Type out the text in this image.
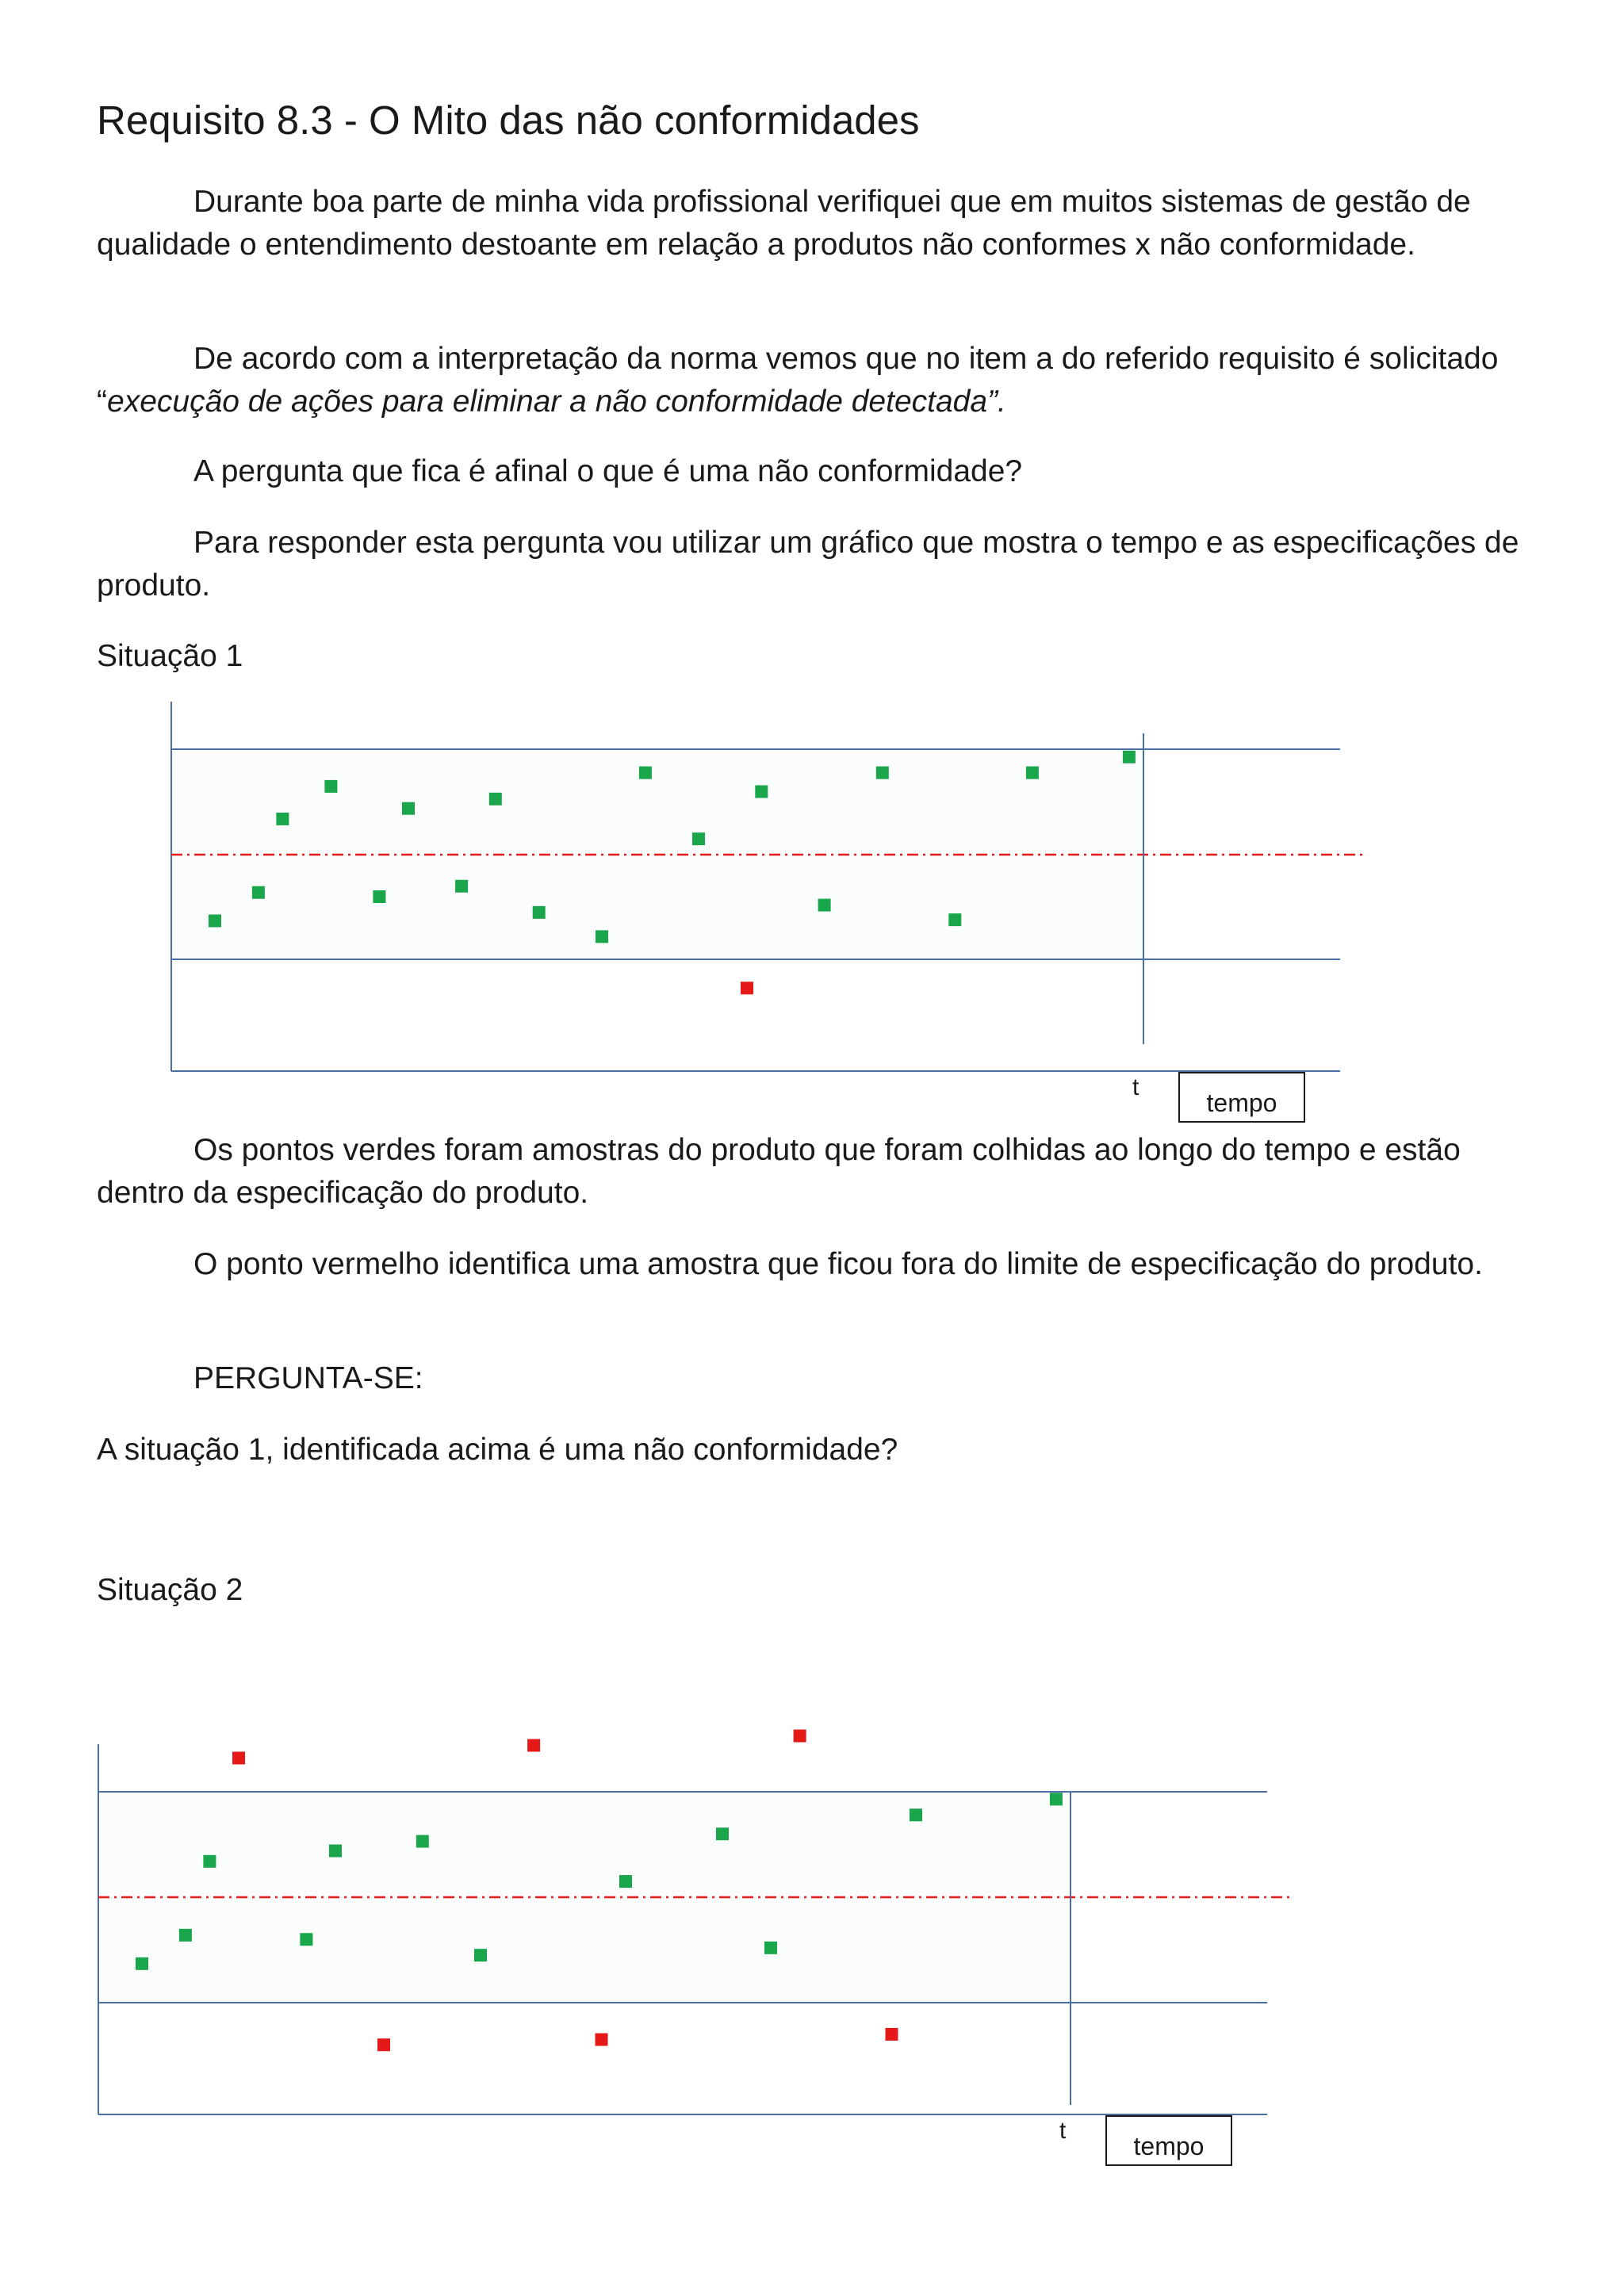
Requisito 8.3 - O Mito das não conformidades

Durante boa parte de minha vida profissional verifiquei que em muitos sistemas de gestão de qualidade o entendimento destoante em relação a produtos não conformes x não conformidade.

De acordo com a interpretação da norma vemos que no item a do referido requisito é solicitado “execução de ações para eliminar a não conformidade detectada”.

A pergunta que fica é afinal o que é uma não conformidade?

Para responder esta pergunta vou utilizar um gráfico que mostra o tempo e as especificações de produto.

Situação 1
t
tempo

Os pontos verdes foram amostras do produto que foram colhidas ao longo do tempo e estão dentro da especificação do produto.

O ponto vermelho identifica uma amostra que ficou fora do limite de especificação do produto.

PERGUNTA-SE:

A situação 1, identificada acima é uma não conformidade?

Situação 2
t
tempo
